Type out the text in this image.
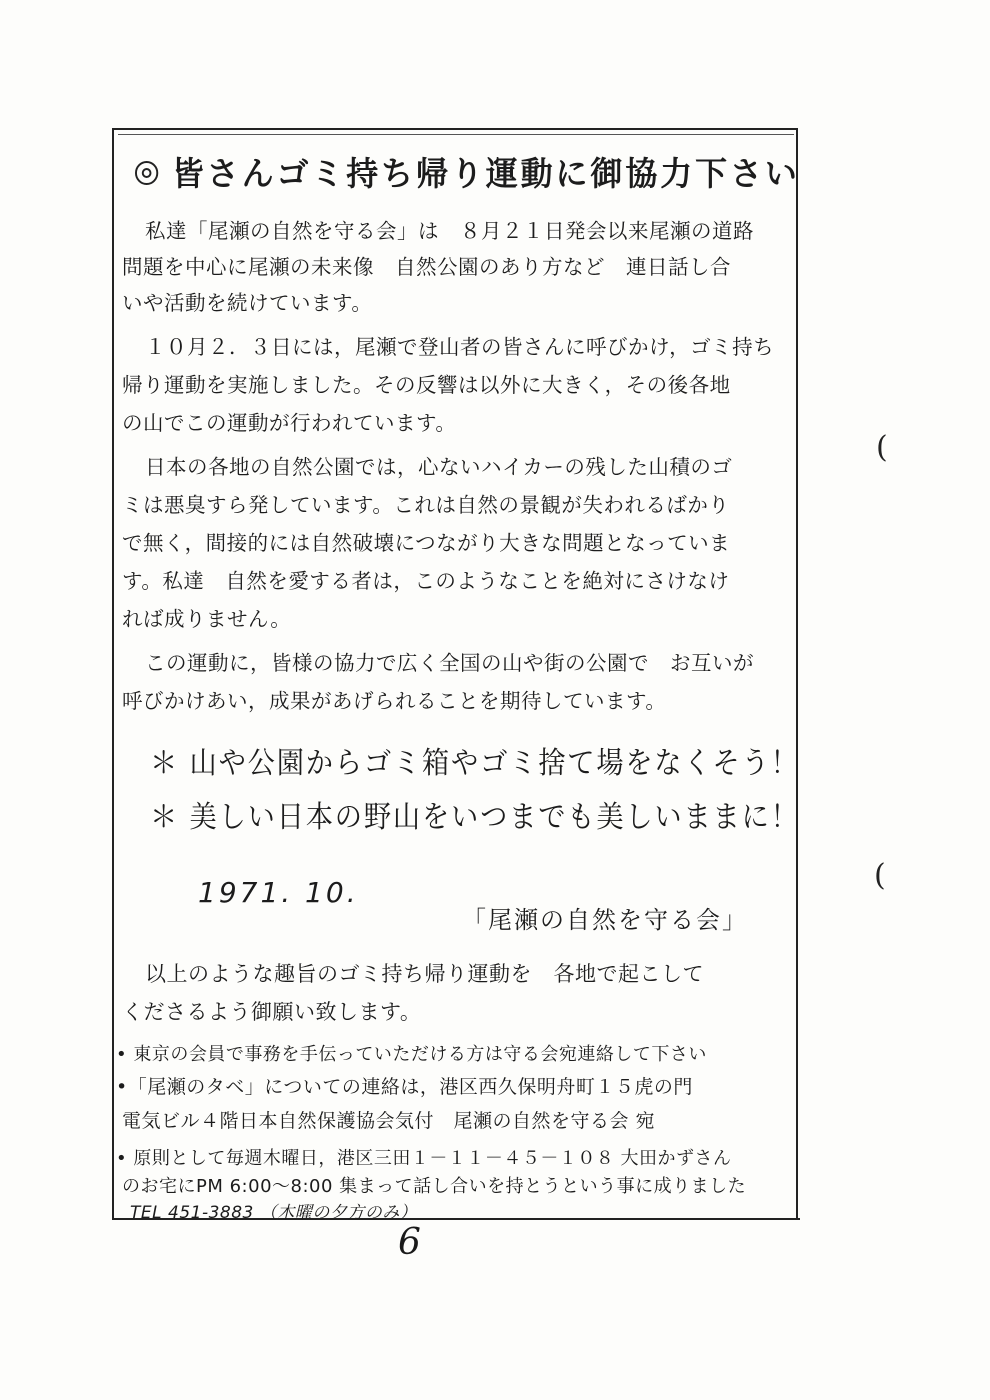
皆さんゴミ持ち帰り運動に御協力下さい
私達「尾瀬の自然を守る会」は　８月２１日発会以来尾瀬の道路
問題を中心に尾瀬の未来像　自然公園のあり方など　連日話し合
いや活動を続けています。
１０月２．３日には，尾瀬で登山者の皆さんに呼びかけ，ゴミ持ち
帰り運動を実施しました。その反響は以外に大きく，その後各地
の山でこの運動が行われています。
日本の各地の自然公園では，心ないハイカーの残した山積のゴ
ミは悪臭すら発しています。これは自然の景観が失われるばかり
で無く，間接的には自然破壊につながり大きな問題となっていま
す。私達　自然を愛する者は，このようなことを絶対にさけなけ
れば成りません。
この運動に，皆様の協力で広く全国の山や街の公園で　お互いが
呼びかけあい，成果があげられることを期待しています。
＊ 山や公園からゴミ箱やゴミ捨て場をなくそう！
＊ 美しい日本の野山をいつまでも美しいままに！
1971. 10.
「尾瀬の自然を守る会」
以上のような趣旨のゴミ持ち帰り運動を　各地で起こして
くださるよう御願い致します。
• 東京の会員で事務を手伝っていただける方は守る会宛連絡して下さい
•「尾瀬のタベ」についての連絡は，港区西久保明舟町１５虎の門
電気ビル４階日本自然保護協会気付　尾瀬の自然を守る会 宛
• 原則として毎週木曜日，港区三田１－１１－４５－１０８ 大田かずさん
のお宅にPM 6:00～8:00 集まって話し合いを持とうという事に成りました
TEL 451-3883 （木曜の夕方のみ）
6
(
(
